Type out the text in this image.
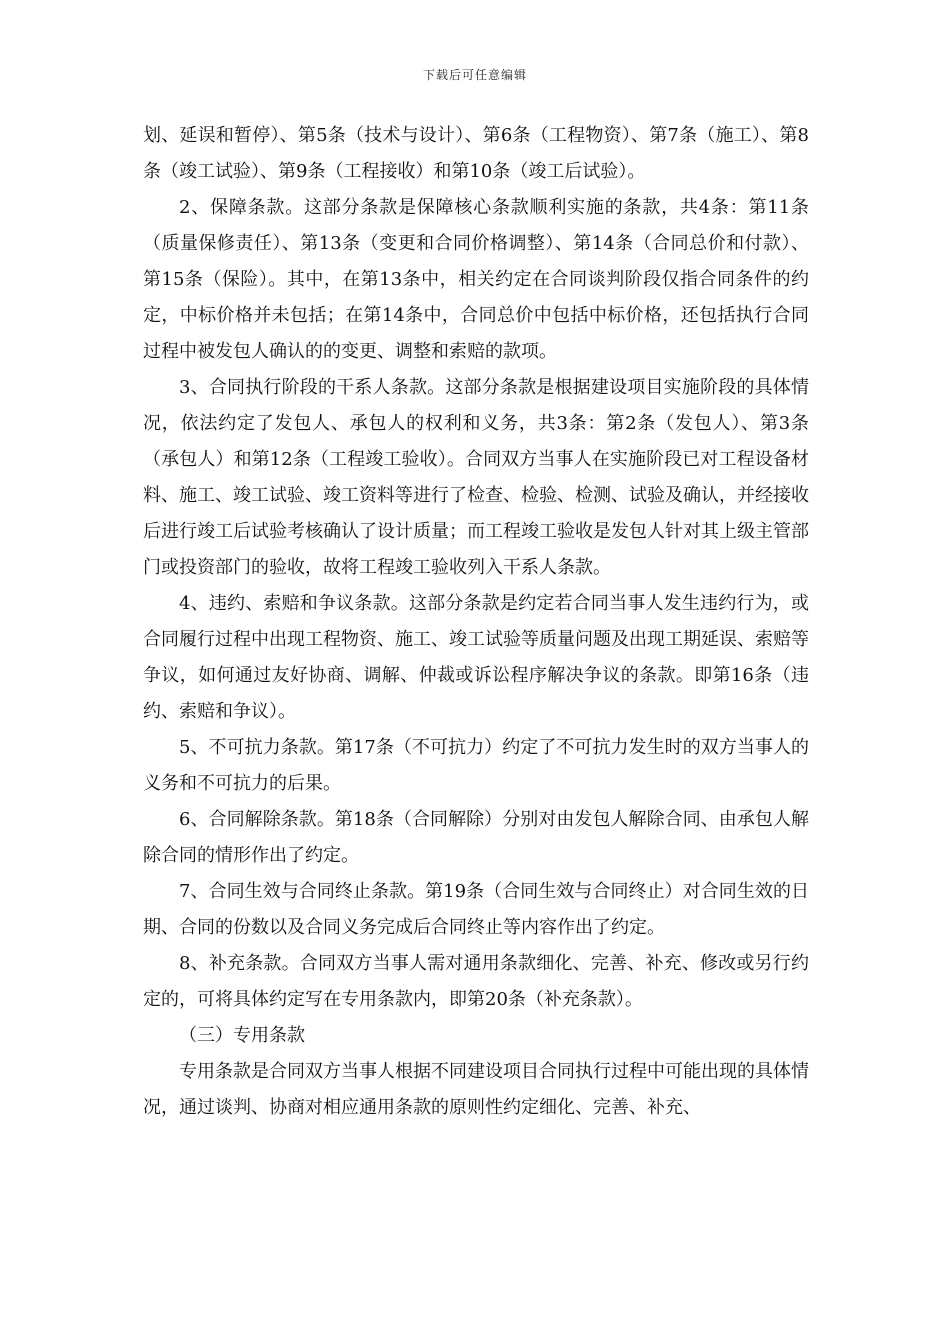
下载后可任意编辑

划、延误和暂停）、第5条（技术与设计）、第6条（工程物资）、第7条（施工）、第8条（竣工试验）、第9条（工程接收）和第10条（竣工后试验）。

2、保障条款。这部分条款是保障核心条款顺利实施的条款，共4条：第11条（质量保修责任）、第13条（变更和合同价格调整）、第14条（合同总价和付款）、第15条（保险）。其中，在第13条中，相关约定在合同谈判阶段仅指合同条件的约定，中标价格并未包括；在第14条中，合同总价中包括中标价格，还包括执行合同过程中被发包人确认的的变更、调整和索赔的款项。

3、合同执行阶段的干系人条款。这部分条款是根据建设项目实施阶段的具体情况，依法约定了发包人、承包人的权利和义务，共3条：第2条（发包人）、第3条（承包人）和第12条（工程竣工验收）。合同双方当事人在实施阶段已对工程设备材料、施工、竣工试验、竣工资料等进行了检查、检验、检测、试验及确认，并经接收后进行竣工后试验考核确认了设计质量；而工程竣工验收是发包人针对其上级主管部门或投资部门的验收，故将工程竣工验收列入干系人条款。

4、违约、索赔和争议条款。这部分条款是约定若合同当事人发生违约行为，或合同履行过程中出现工程物资、施工、竣工试验等质量问题及出现工期延误、索赔等争议，如何通过友好协商、调解、仲裁或诉讼程序解决争议的条款。即第16条（违约、索赔和争议）。

5、不可抗力条款。第17条（不可抗力）约定了不可抗力发生时的双方当事人的义务和不可抗力的后果。

6、合同解除条款。第18条（合同解除）分别对由发包人解除合同、由承包人解除合同的情形作出了约定。

7、合同生效与合同终止条款。第19条（合同生效与合同终止）对合同生效的日期、合同的份数以及合同义务完成后合同终止等内容作出了约定。

8、补充条款。合同双方当事人需对通用条款细化、完善、补充、修改或另行约定的，可将具体约定写在专用条款内，即第20条（补充条款）。

（三）专用条款

专用条款是合同双方当事人根据不同建设项目合同执行过程中可能出现的具体情况，通过谈判、协商对相应通用条款的原则性约定细化、完善、补充、
